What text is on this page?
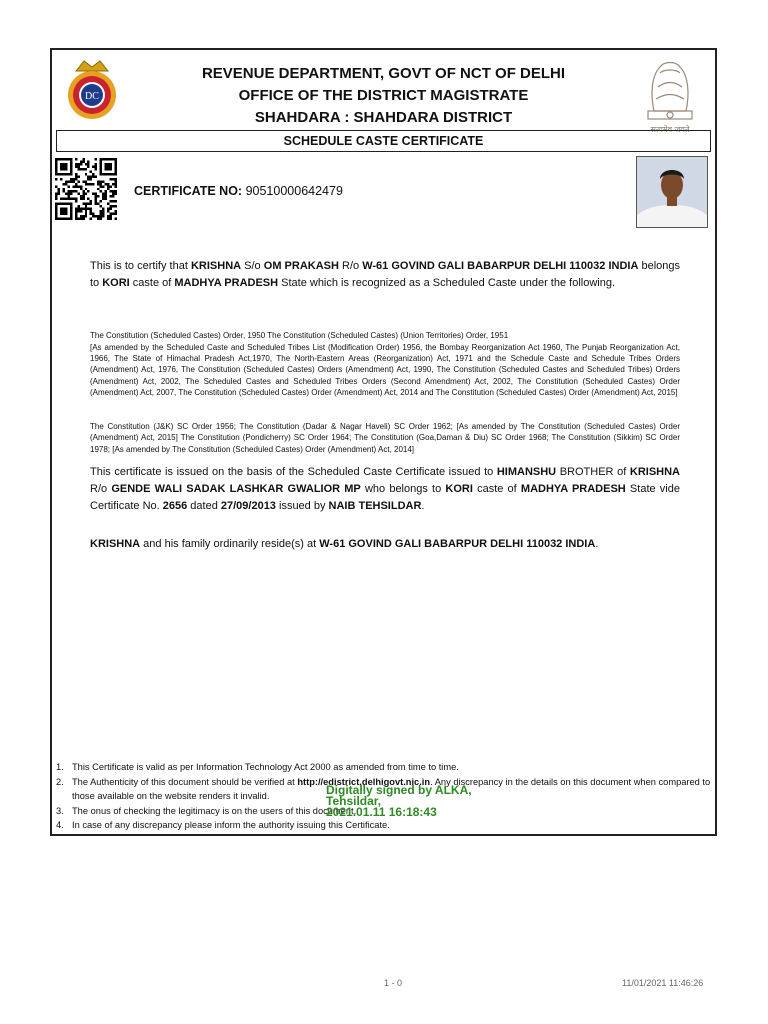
DC
REVENUE DEPARTMENT, GOVT OF NCT OF DELHI
OFFICE OF THE DISTRICT MAGISTRATE
SHAHDARA : SHAHDARA DISTRICT
सत्यमेव जयते
SCHEDULE CASTE CERTIFICATE
CERTIFICATE NO: 90510000642479
This is to certify that KRISHNA S/o OM PRAKASH R/o W-61 GOVIND GALI BABARPUR DELHI 110032 INDIA belongs to KORI caste of MADHYA PRADESH State which is recognized as a Scheduled Caste under the following.
The Constitution (Scheduled Castes) Order, 1950 The Constitution (Scheduled Castes) (Union Territories) Order, 1951
[As amended by the Scheduled Caste and Scheduled Tribes List (Modification Order) 1956, the Bombay Reorganization Act 1960, The Punjab Reorganization Act, 1966, The State of Himachal Pradesh Act,1970, The North-Eastern Areas (Reorganization) Act, 1971 and the Schedule Caste and Schedule Tribes Orders (Amendment) Act, 1976, The Constitution (Scheduled Castes) Orders (Amendment) Act, 1990, The Constitution (Scheduled Castes and Scheduled Tribes) Orders (Amendment) Act, 2002, The Scheduled Castes and Scheduled Tribes Orders (Second Amendment) Act, 2002, The Constitution (Scheduled Castes) Order (Amendment) Act, 2007, The Constitution (Scheduled Castes) Order (Amendment) Act, 2014 and The Constitution (Scheduled Castes) Order (Amendment) Act, 2015]
The Constitution (J&K) SC Order 1956; The Constitution (Dadar & Nagar Haveli) SC Order 1962; [As amended by The Constitution (Scheduled Castes) Order (Amendment) Act, 2015] The Constitution (Pondicherry) SC Order 1964; The Constitution (Goa,Daman & Diu) SC Order 1968; The Constitution (Sikkim) SC Order 1978; [As amended by The Constitution (Scheduled Castes) Order (Amendment) Act, 2014]
This certificate is issued on the basis of the Scheduled Caste Certificate issued to HIMANSHU BROTHER of KRISHNA R/o GENDE WALI SADAK LASHKAR GWALIOR MP who belongs to KORI caste of MADHYA PRADESH State vide Certificate No. 2656 dated 27/09/2013 issued by NAIB TEHSILDAR.
KRISHNA and his family ordinarily reside(s) at W-61 GOVIND GALI BABARPUR DELHI 110032 INDIA.
1. This Certificate is valid as per Information Technology Act 2000 as amended from time to time.
2. The Authenticity of this document should be verified at http://edistrict.delhigovt.nic.in. Any discrepancy in the details on this document when compared to those available on the website renders it invalid.
3. The onus of checking the legitimacy is on the users of this document.
4. In case of any discrepancy please inform the authority issuing this Certificate.
Digitally signed by ALKA,
Tehsildar,
2021.01.11 16:18:43
1 - 0	11/01/2021 11:46:26
